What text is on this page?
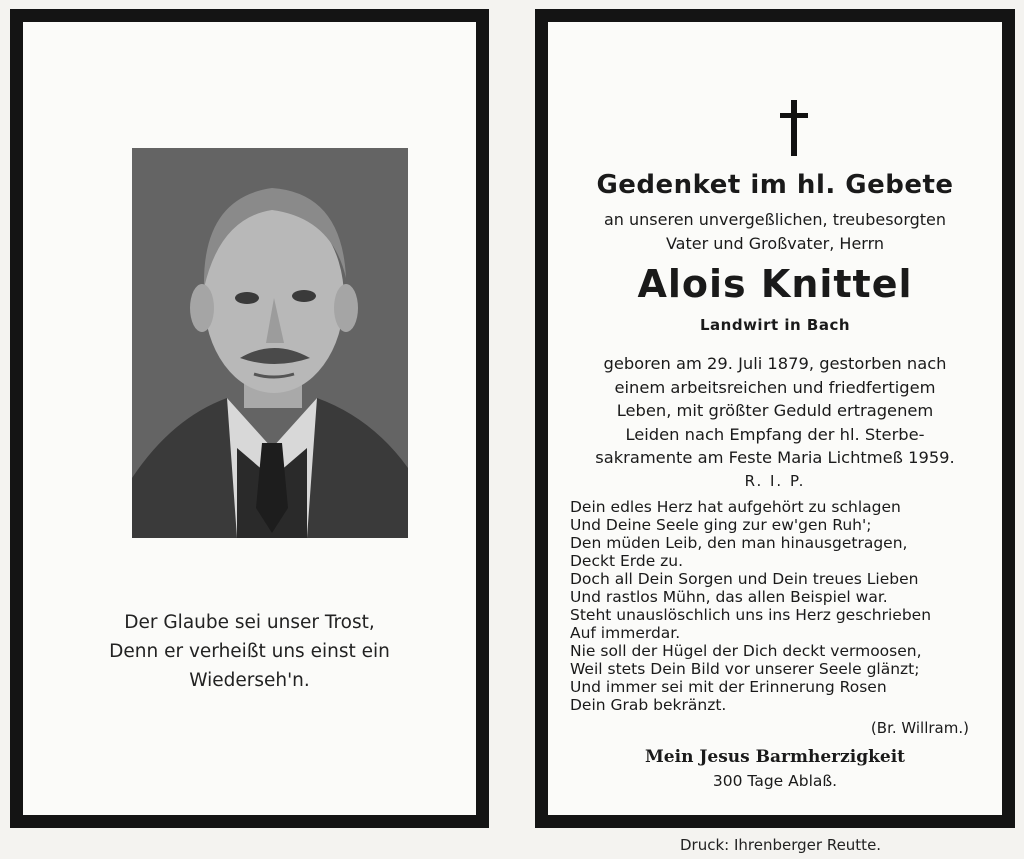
Der Glaube sei unser Trost,
Denn er verheißt uns einst ein
Wiederseh'n.
Gedenket im hl. Gebete
an unseren unvergeßlichen, treubesorgten
Vater und Großvater, Herrn
Alois Knittel
Landwirt in Bach
geboren am 29. Juli 1879, gestorben nach
einem arbeitsreichen und friedfertigem
Leben, mit größter Geduld ertragenem
Leiden nach Empfang der hl. Sterbe-
sakramente am Feste Maria Lichtmeß 1959.
R. I. P.
Dein edles Herz hat aufgehört zu schlagen
Und Deine Seele ging zur ew'gen Ruh';
Den müden Leib, den man hinausgetragen,
Deckt Erde zu.
Doch all Dein Sorgen und Dein treues Lieben
Und rastlos Mühn, das allen Beispiel war.
Steht unauslöschlich uns ins Herz geschrieben
Auf immerdar.
Nie soll der Hügel der Dich deckt vermoosen,
Weil stets Dein Bild vor unserer Seele glänzt;
Und immer sei mit der Erinnerung Rosen
Dein Grab bekränzt.
(Br. Willram.)
Mein Jesus Barmherzigkeit
300 Tage Ablaß.
Druck: Ihrenberger Reutte.
